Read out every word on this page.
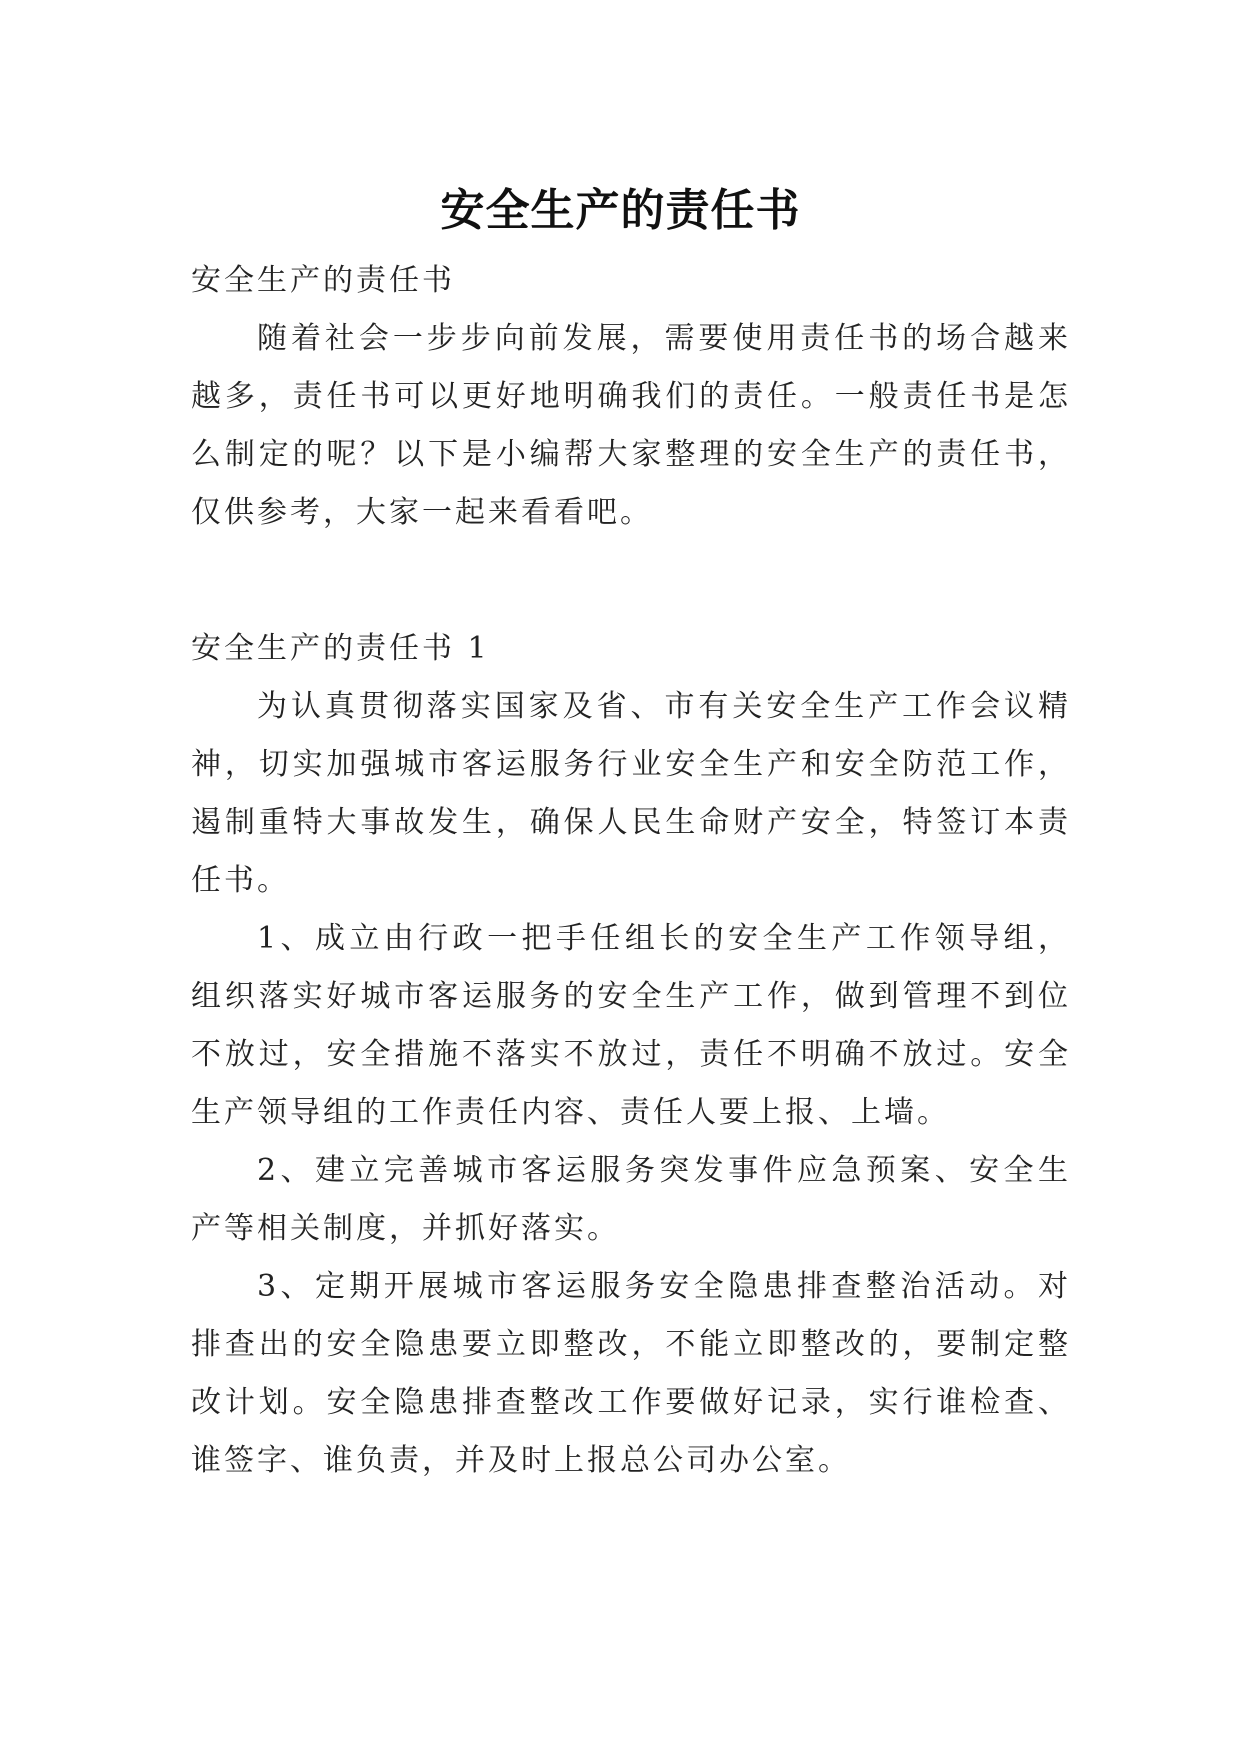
安全生产的责任书
安全生产的责任书

随着社会一步步向前发展，需要使用责任书的场合越来越多，责任书可以更好地明确我们的责任。一般责任书是怎么制定的呢？以下是小编帮大家整理的安全生产的责任书，仅供参考，大家一起来看看吧。

安全生产的责任书 1

为认真贯彻落实国家及省、市有关安全生产工作会议精神，切实加强城市客运服务行业安全生产和安全防范工作，遏制重特大事故发生，确保人民生命财产安全，特签订本责任书。

1、成立由行政一把手任组长的安全生产工作领导组，组织落实好城市客运服务的安全生产工作，做到管理不到位不放过，安全措施不落实不放过，责任不明确不放过。安全生产领导组的工作责任内容、责任人要上报、上墙。

2、建立完善城市客运服务突发事件应急预案、安全生产等相关制度，并抓好落实。

3、定期开展城市客运服务安全隐患排查整治活动。对排查出的安全隐患要立即整改，不能立即整改的，要制定整改计划。安全隐患排查整改工作要做好记录，实行谁检查、谁签字、谁负责，并及时上报总公司办公室。
